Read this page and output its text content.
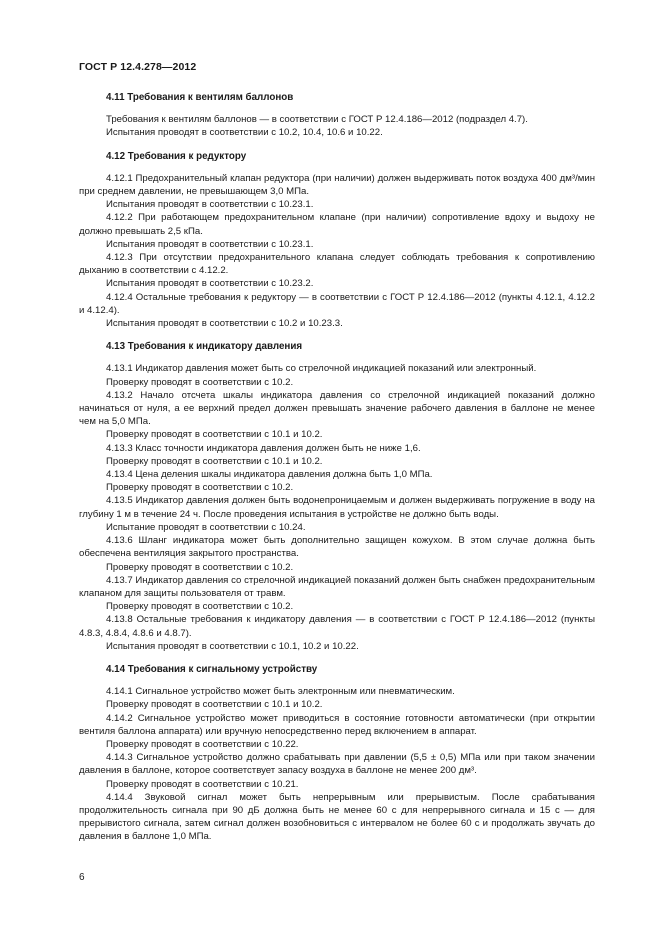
ГОСТ Р 12.4.278—2012

4.11 Требования к вентилям баллонов

Требования к вентилям баллонов — в соответствии с ГОСТ Р 12.4.186—2012 (подраздел 4.7).

Испытания проводят в соответствии с 10.2, 10.4, 10.6 и 10.22.

4.12 Требования к редуктору

4.12.1 Предохранительный клапан редуктора (при наличии) должен выдерживать поток воздуха 400 дм³/мин при среднем давлении, не превышающем 3,0 МПа.

Испытания проводят в соответствии с 10.23.1.

4.12.2 При работающем предохранительном клапане (при наличии) сопротивление вдоху и выдоху не должно превышать 2,5 кПа.

Испытания проводят в соответствии с 10.23.1.

4.12.3 При отсутствии предохранительного клапана следует соблюдать требования к сопротивлению дыханию в соответствии с 4.12.2.

Испытания проводят в соответствии с 10.23.2.

4.12.4 Остальные требования к редуктору — в соответствии с ГОСТ Р 12.4.186—2012 (пункты 4.12.1, 4.12.2 и 4.12.4).

Испытания проводят в соответствии с 10.2 и 10.23.3.

4.13 Требования к индикатору давления

4.13.1 Индикатор давления может быть со стрелочной индикацией показаний или электронный.

Проверку проводят в соответствии с 10.2.

4.13.2 Начало отсчета шкалы индикатора давления со стрелочной индикацией показаний должно начинаться от нуля, а ее верхний предел должен превышать значение рабочего давления в баллоне не менее чем на 5,0 МПа.

Проверку проводят в соответствии с 10.1 и 10.2.

4.13.3 Класс точности индикатора давления должен быть не ниже 1,6.

Проверку проводят в соответствии с 10.1 и 10.2.

4.13.4 Цена деления шкалы индикатора давления должна быть 1,0 МПа.

Проверку проводят в соответствии с 10.2.

4.13.5 Индикатор давления должен быть водонепроницаемым и должен выдерживать погружение в воду на глубину 1 м в течение 24 ч. После проведения испытания в устройстве не должно быть воды.

Испытание проводят в соответствии с 10.24.

4.13.6 Шланг индикатора может быть дополнительно защищен кожухом. В этом случае должна быть обеспечена вентиляция закрытого пространства.

Проверку проводят в соответствии с 10.2.

4.13.7 Индикатор давления со стрелочной индикацией показаний должен быть снабжен предохранительным клапаном для защиты пользователя от травм.

Проверку проводят в соответствии с 10.2.

4.13.8 Остальные требования к индикатору давления — в соответствии с ГОСТ Р 12.4.186—2012 (пункты 4.8.3, 4.8.4, 4.8.6 и 4.8.7).

Испытания проводят в соответствии с 10.1, 10.2 и 10.22.

4.14 Требования к сигнальному устройству

4.14.1 Сигнальное устройство может быть электронным или пневматическим.

Проверку проводят в соответствии с 10.1 и 10.2.

4.14.2 Сигнальное устройство может приводиться в состояние готовности автоматически (при открытии вентиля баллона аппарата) или вручную непосредственно перед включением в аппарат.

Проверку проводят в соответствии с 10.22.

4.14.3 Сигнальное устройство должно срабатывать при давлении (5,5 ± 0,5) МПа или при таком значении давления в баллоне, которое соответствует запасу воздуха в баллоне не менее 200 дм³.

Проверку проводят в соответствии с 10.21.

4.14.4 Звуковой сигнал может быть непрерывным или прерывистым. После срабатывания продолжительность сигнала при 90 дБ должна быть не менее 60 с для непрерывного сигнала и 15 с — для прерывистого сигнала, затем сигнал должен возобновиться с интервалом не более 60 с и продолжать звучать до давления в баллоне 1,0 МПа.

6
